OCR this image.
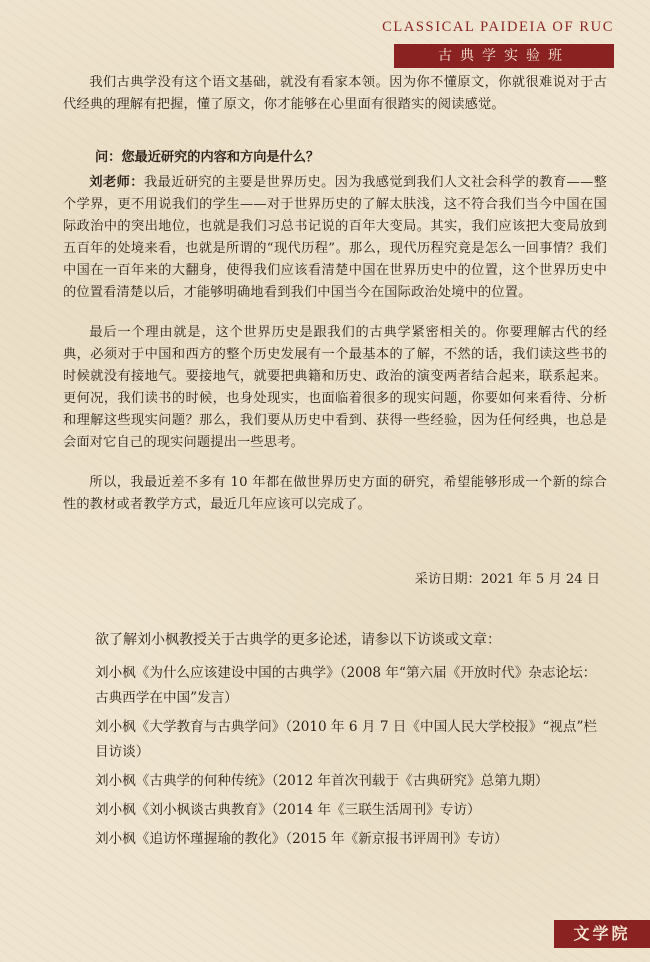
CLASSICAL PAIDEIA OF RUC
古典学实验班

我们古典学没有这个语文基础，就没有看家本领。因为你不懂原文，你就很难说对于古代经典的理解有把握，懂了原文，你才能够在心里面有很踏实的阅读感觉。

问：您最近研究的内容和方向是什么？

刘老师：我最近研究的主要是世界历史。因为我感觉到我们人文社会科学的教育——整个学界，更不用说我们的学生——对于世界历史的了解太肤浅，这不符合我们当今中国在国际政治中的突出地位，也就是我们习总书记说的百年大变局。其实，我们应该把大变局放到五百年的处境来看，也就是所谓的“现代历程”。那么，现代历程究竟是怎么一回事情？我们中国在一百年来的大翻身，使得我们应该看清楚中国在世界历史中的位置，这个世界历史中的位置看清楚以后，才能够明确地看到我们中国当今在国际政治处境中的位置。

最后一个理由就是，这个世界历史是跟我们的古典学紧密相关的。你要理解古代的经典，必须对于中国和西方的整个历史发展有一个最基本的了解，不然的话，我们读这些书的时候就没有接地气。要接地气，就要把典籍和历史、政治的演变两者结合起来，联系起来。更何况，我们读书的时候，也身处现实，也面临着很多的现实问题，你要如何来看待、分析和理解这些现实问题？那么，我们要从历史中看到、获得一些经验，因为任何经典，也总是会面对它自己的现实问题提出一些思考。

所以，我最近差不多有 10 年都在做世界历史方面的研究，希望能够形成一个新的综合性的教材或者教学方式，最近几年应该可以完成了。

采访日期：2021 年 5 月 24 日

欲了解刘小枫教授关于古典学的更多论述，请参以下访谈或文章：

刘小枫《为什么应该建设中国的古典学》（2008 年“第六届《开放时代》杂志论坛：古典西学在中国”发言）
刘小枫《大学教育与古典学问》（2010 年 6 月 7 日《中国人民大学校报》“视点”栏目访谈）
刘小枫《古典学的何种传统》（2012 年首次刊载于《古典研究》总第九期）
刘小枫《刘小枫谈古典教育》（2014 年《三联生活周刊》专访）
刘小枫《追访怀瑾握瑜的教化》（2015 年《新京报书评周刊》专访）
文学院
